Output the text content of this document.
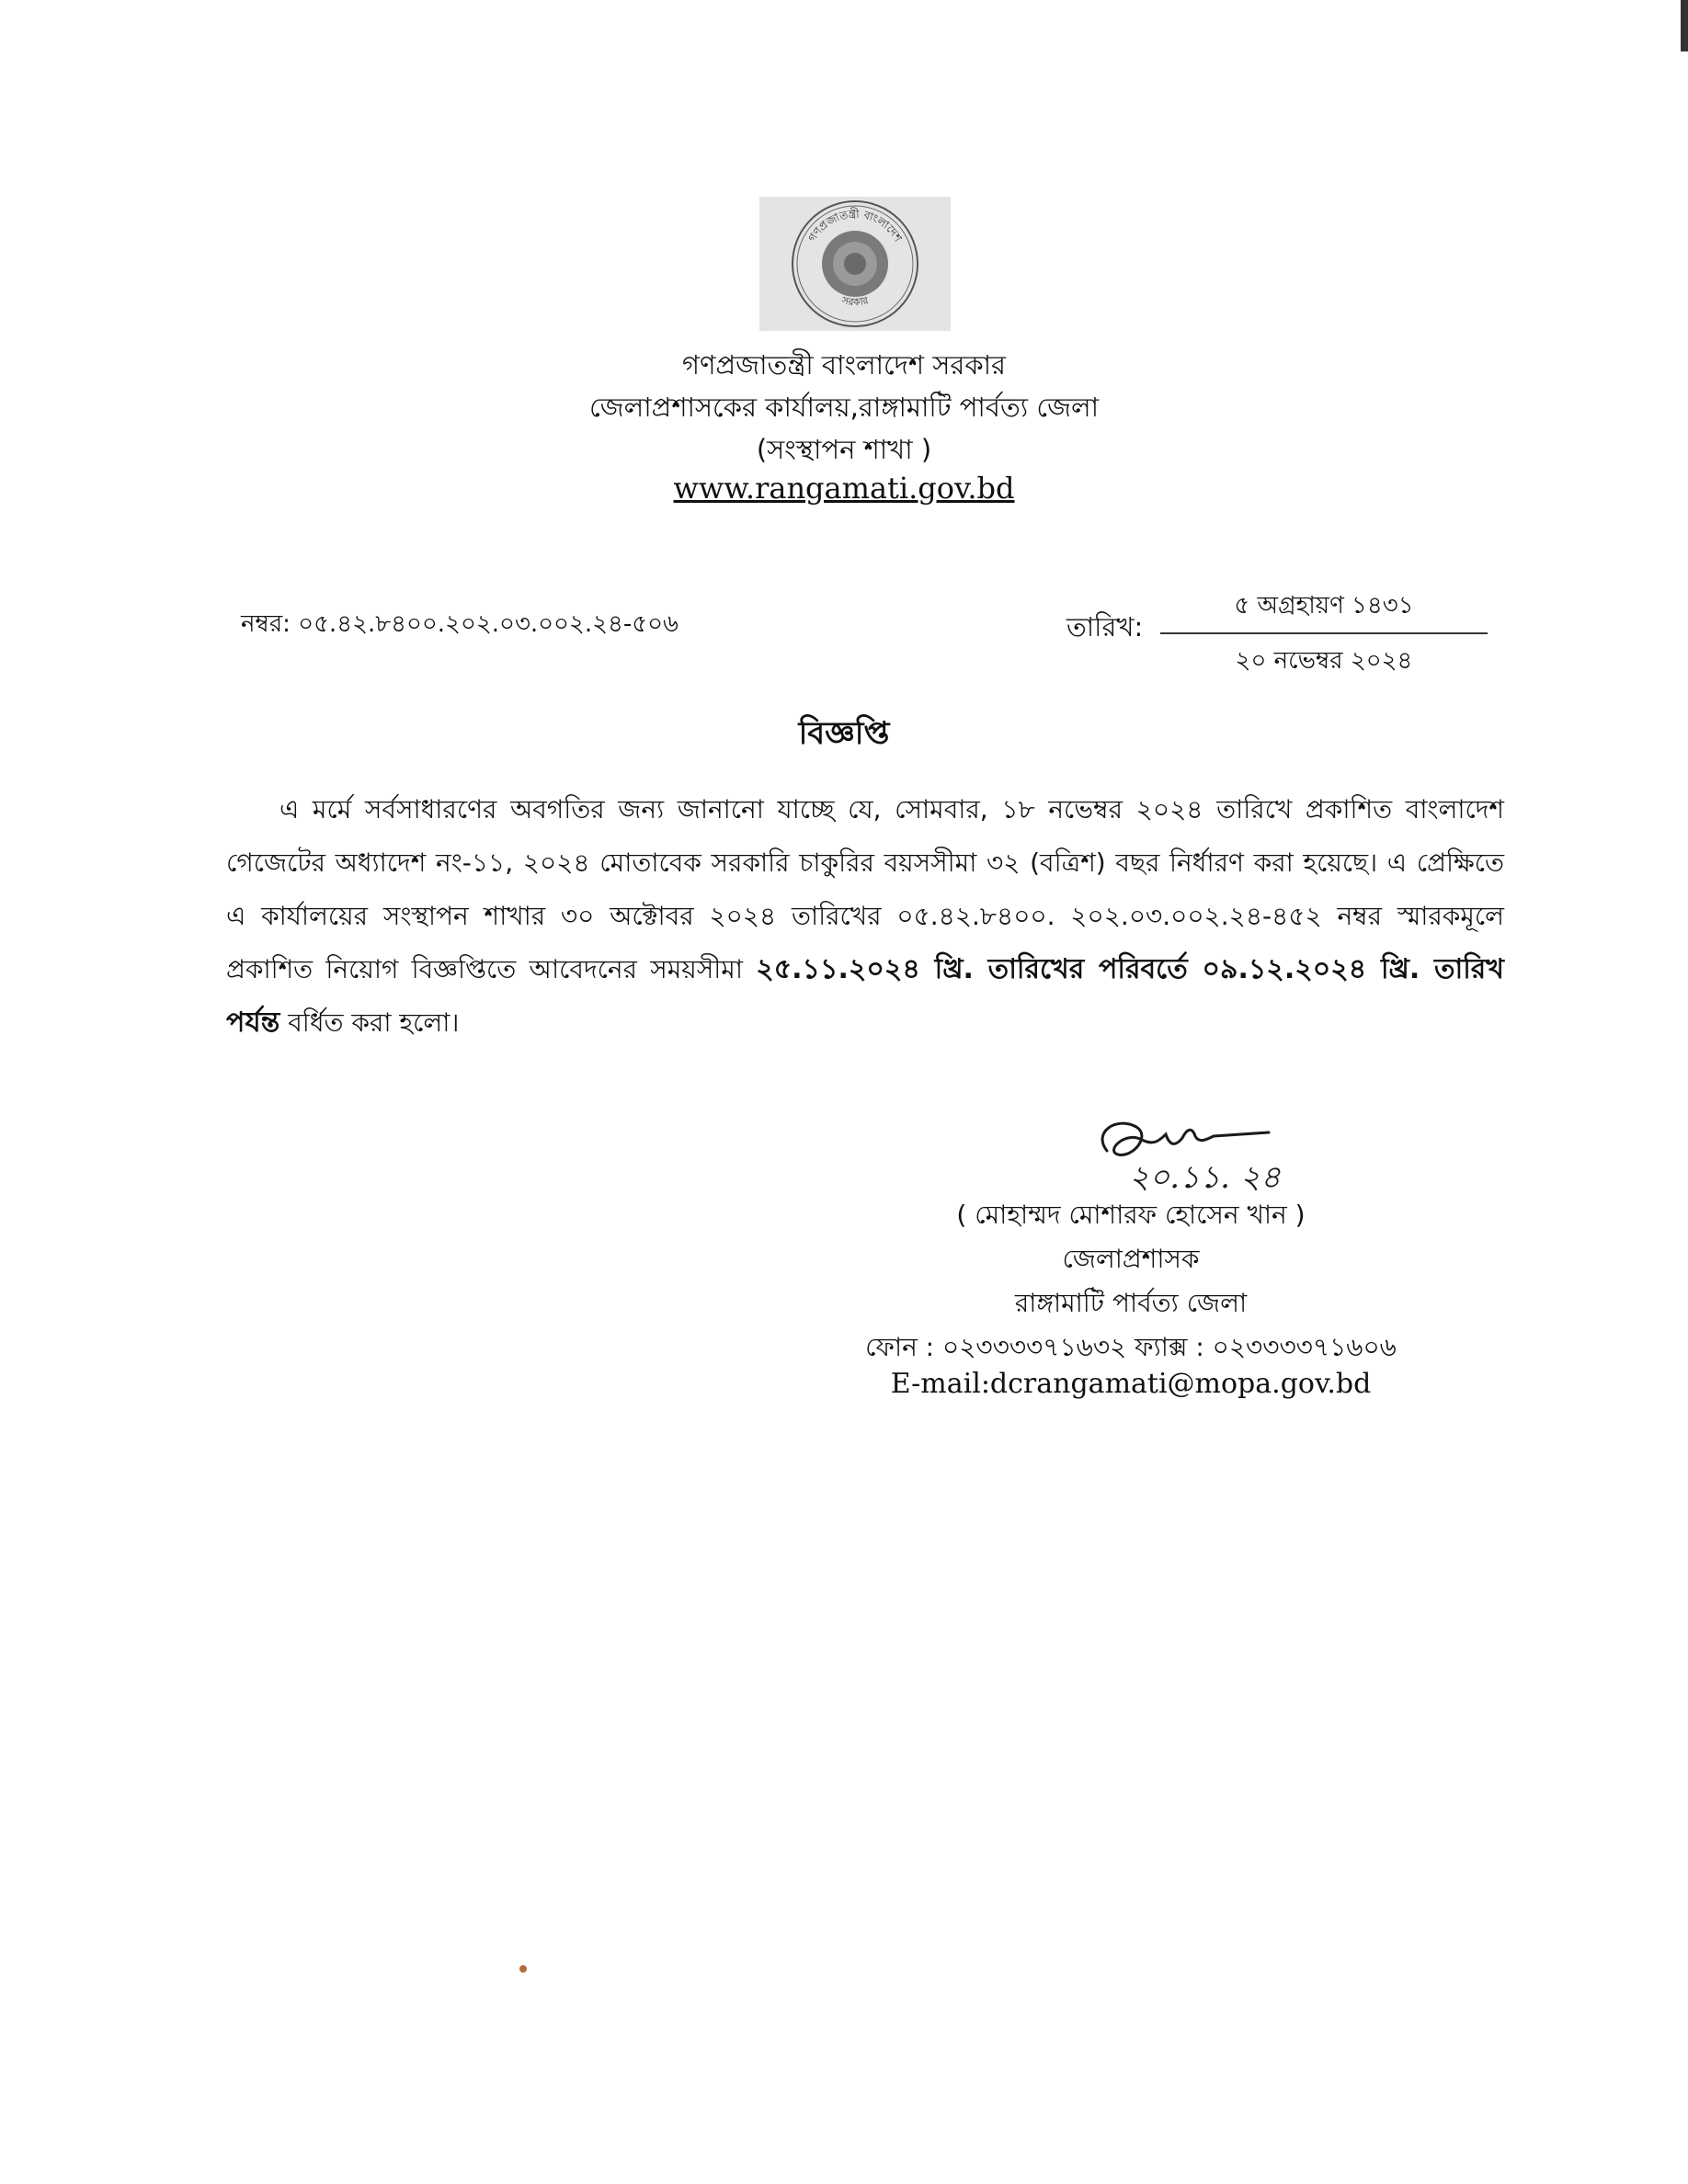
গণপ্রজাতন্ত্রী বাংলাদেশ
সরকার
গণপ্রজাতন্ত্রী বাংলাদেশ সরকার
জেলাপ্রশাসকের কার্যালয়,রাঙ্গামাটি পার্বত্য জেলা
(সংস্থাপন শাখা )
www.rangamati.gov.bd
নম্বর: ০৫.৪২.৮৪০০.২০২.০৩.০০২.২৪-৫০৬	তারিখ:
৫ অগ্রহায়ণ ১৪৩১
২০ নভেম্বর ২০২৪
বিজ্ঞপ্তি
এ মর্মে সর্বসাধারণের অবগতির জন্য জানানো যাচ্ছে যে, সোমবার, ১৮ নভেম্বর ২০২৪ তারিখে প্রকাশিত বাংলাদেশ গেজেটের অধ্যাদেশ নং-১১, ২০২৪ মোতাবেক সরকারি চাকুরির বয়সসীমা ৩২ (বত্রিশ) বছর নির্ধারণ করা হয়েছে। এ প্রেক্ষিতে এ কার্যালয়ের সংস্থাপন শাখার ৩০ অক্টোবর ২০২৪ তারিখের ০৫.৪২.৮৪০০. ২০২.০৩.০০২.২৪-৪৫২ নম্বর স্মারকমূলে প্রকাশিত নিয়োগ বিজ্ঞপ্তিতে আবেদনের সময়সীমা ২৫.১১.২০২৪ খ্রি. তারিখের পরিবর্তে ০৯.১২.২০২৪ খ্রি. তারিখ পর্যন্ত বর্ধিত করা হলো।
২০.১১. ২৪
( মোহাম্মদ মোশারফ হোসেন খান )
জেলাপ্রশাসক
রাঙ্গামাটি পার্বত্য জেলা
ফোন : ০২৩৩৩৩৭১৬৩২ ফ্যাক্স : ০২৩৩৩৩৭১৬০৬
E-mail:dcrangamati@mopa.gov.bd
